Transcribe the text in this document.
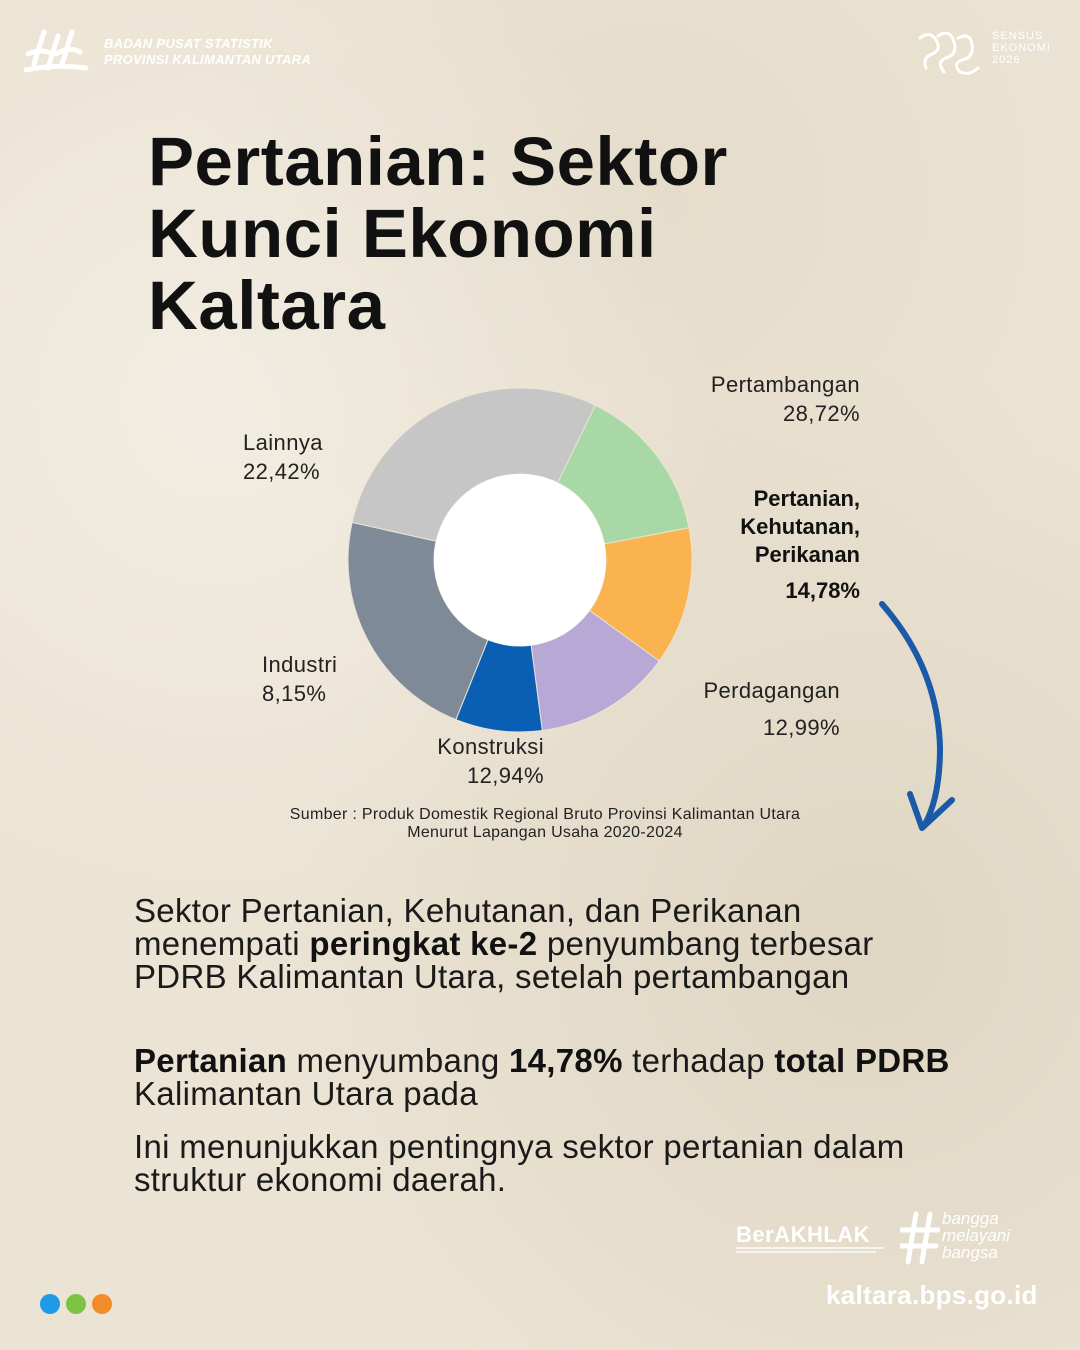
BADAN PUSAT STATISTIK
PROVINSI KALIMANTAN UTARA
SENSUS
EKONOMI
2026
Pertanian: Sektor
Kunci Ekonomi
Kaltara
Pertambangan
28,72%
Pertanian,
Kehutanan,
Perikanan
14,78%
Perdagangan
12,99%
Konstruksi
12,94%
Industri
8,15%
Lainnya
22,42%
Sumber : Produk Domestik Regional Bruto Provinsi Kalimantan Utara
Menurut Lapangan Usaha 2020-2024
Sektor Pertanian, Kehutanan, dan Perikanan menempati peringkat ke-2 penyumbang terbesar PDRB Kalimantan Utara, setelah pertambangan
Pertanian menyumbang 14,78% terhadap total PDRB Kalimantan Utara pada
Ini menunjukkan pentingnya sektor pertanian dalam struktur ekonomi daerah.
BerAKHLAK
bangga
melayani
bangsa
kaltara.bps.go.id
